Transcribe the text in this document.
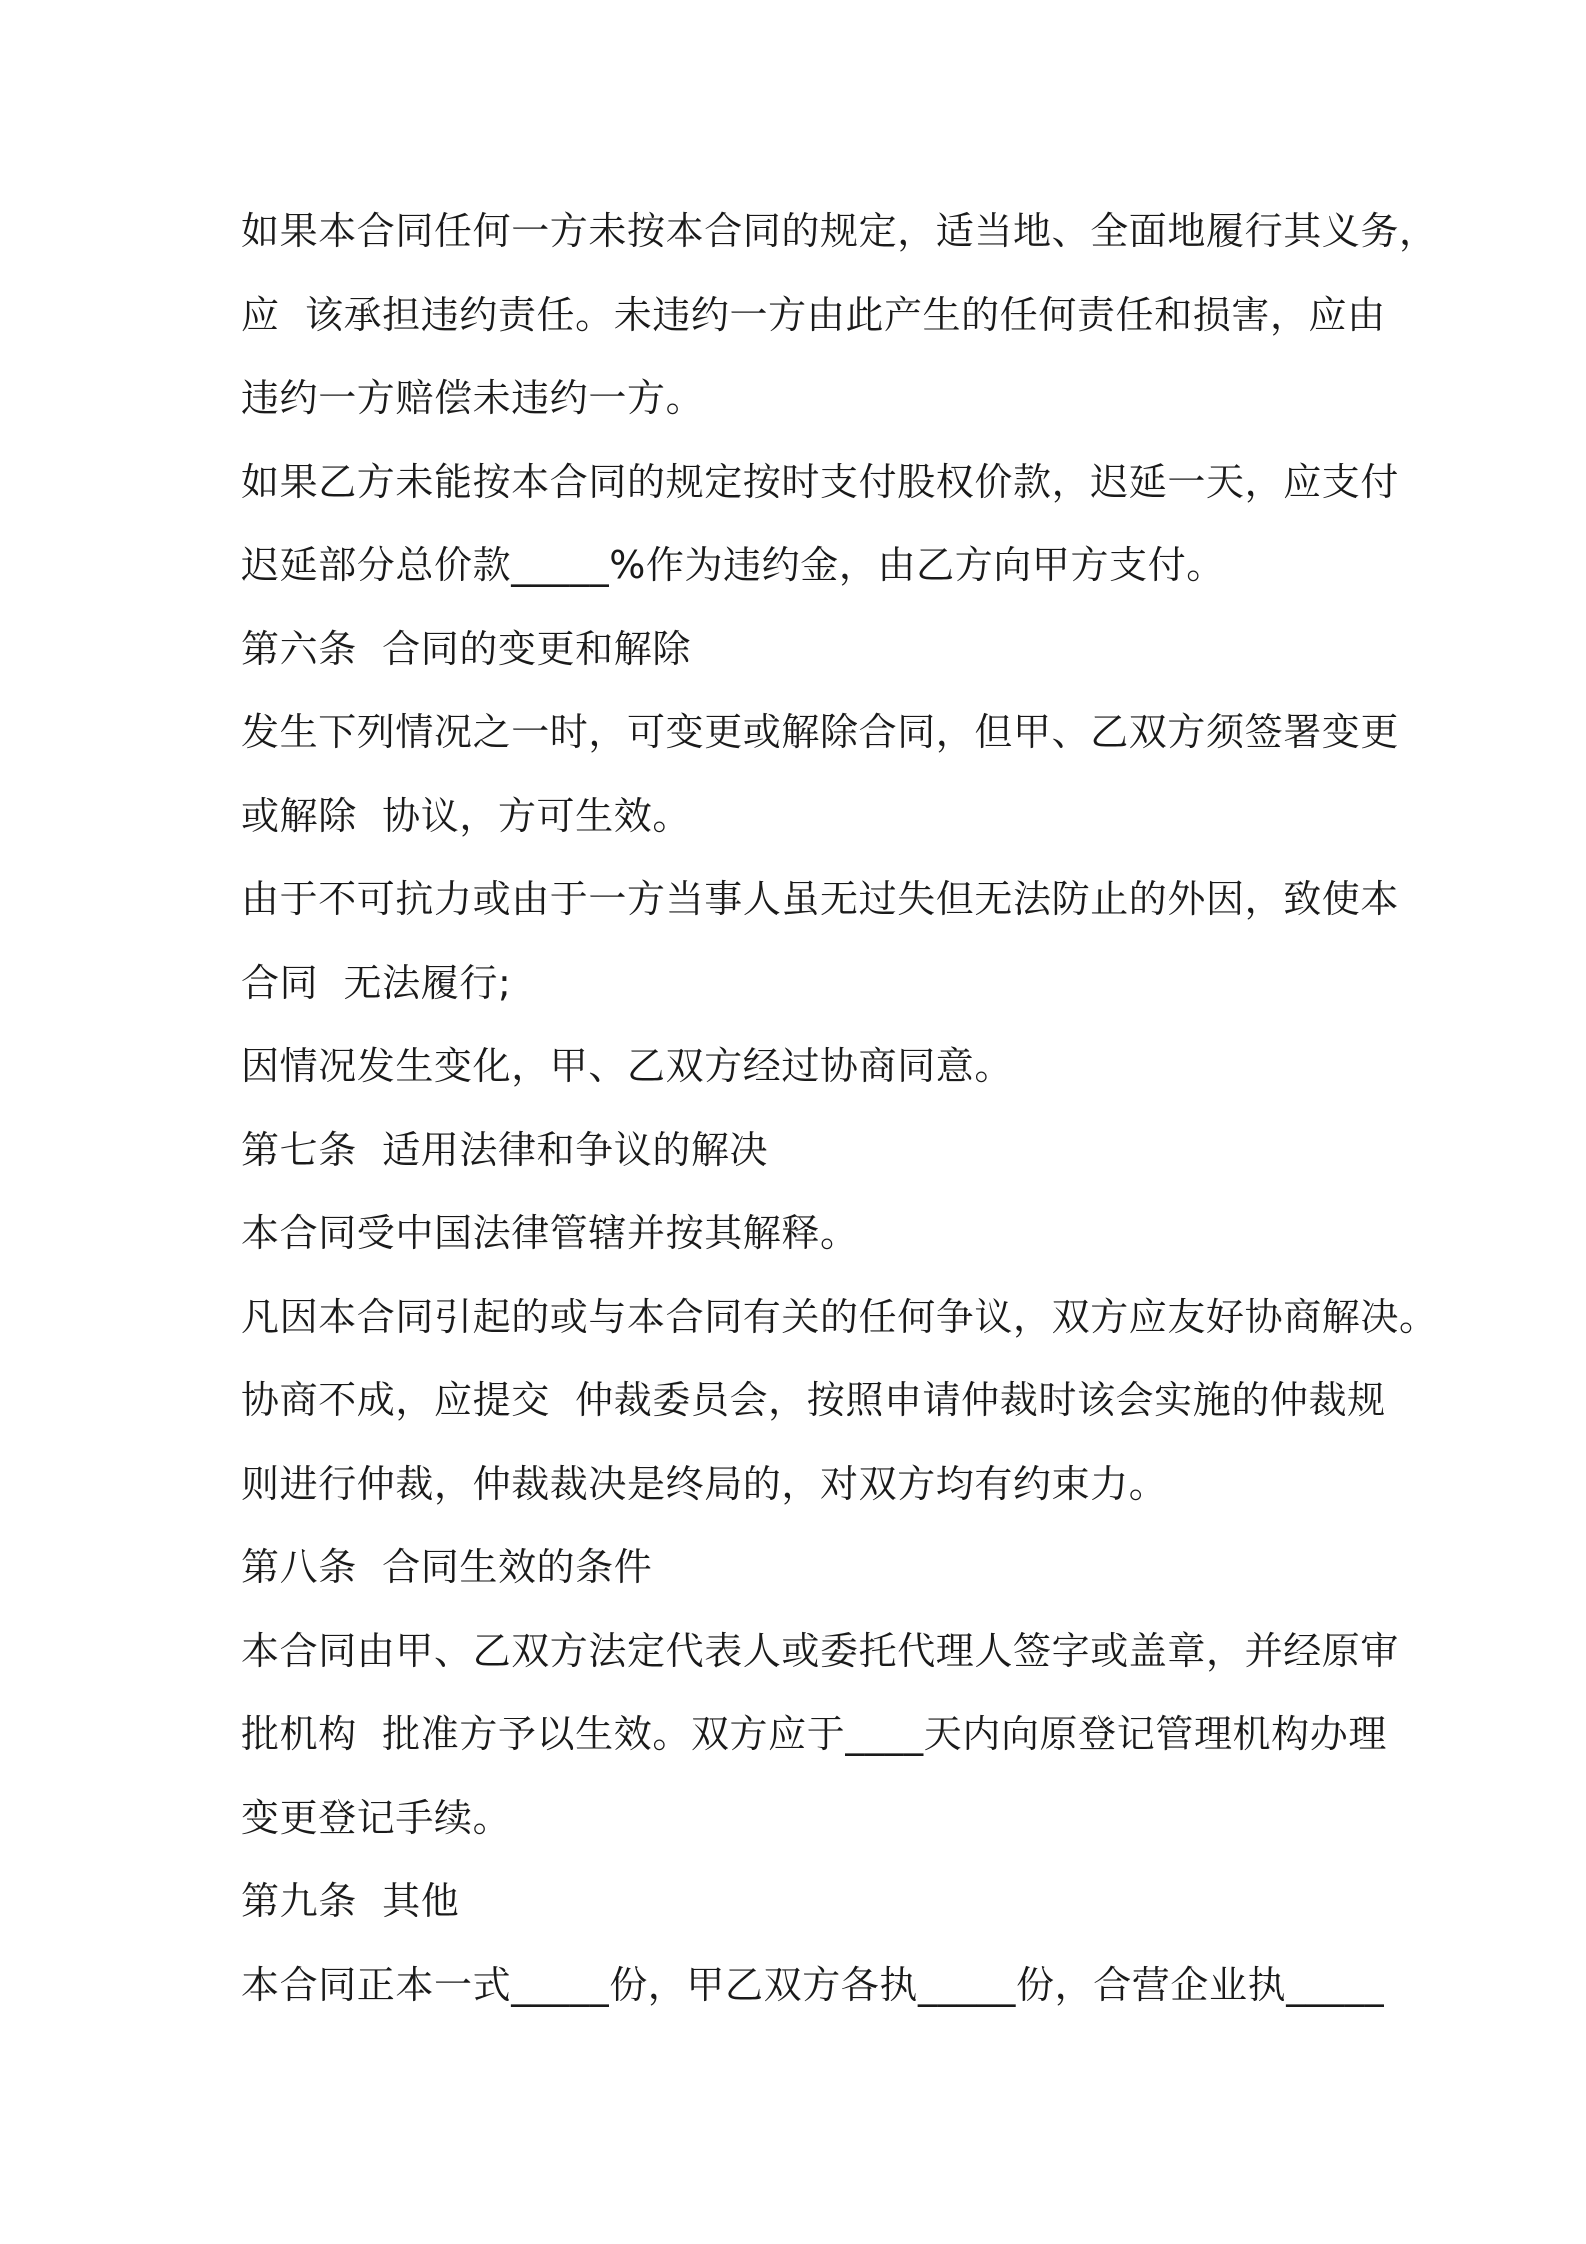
如果本合同任何一方未按本合同的规定，适当地、全面地履行其义务，
应  该承担违约责任。未违约一方由此产生的任何责任和损害，应由
违约一方赔偿未违约一方。
如果乙方未能按本合同的规定按时支付股权价款，迟延一天，应支付
迟延部分总价款_____%作为违约金，由乙方向甲方支付。
第六条  合同的变更和解除
发生下列情况之一时，可变更或解除合同，但甲、乙双方须签署变更
或解除  协议，方可生效。
由于不可抗力或由于一方当事人虽无过失但无法防止的外因，致使本
合同  无法履行;
因情况发生变化，甲、乙双方经过协商同意。
第七条  适用法律和争议的解决
本合同受中国法律管辖并按其解释。
凡因本合同引起的或与本合同有关的任何争议，双方应友好协商解决。
协商不成，应提交  仲裁委员会，按照申请仲裁时该会实施的仲裁规
则进行仲裁，仲裁裁决是终局的，对双方均有约束力。
第八条  合同生效的条件
本合同由甲、乙双方法定代表人或委托代理人签字或盖章，并经原审
批机构  批准方予以生效。双方应于____天内向原登记管理机构办理
变更登记手续。
第九条  其他
本合同正本一式_____份，甲乙双方各执_____份，合营企业执_____
